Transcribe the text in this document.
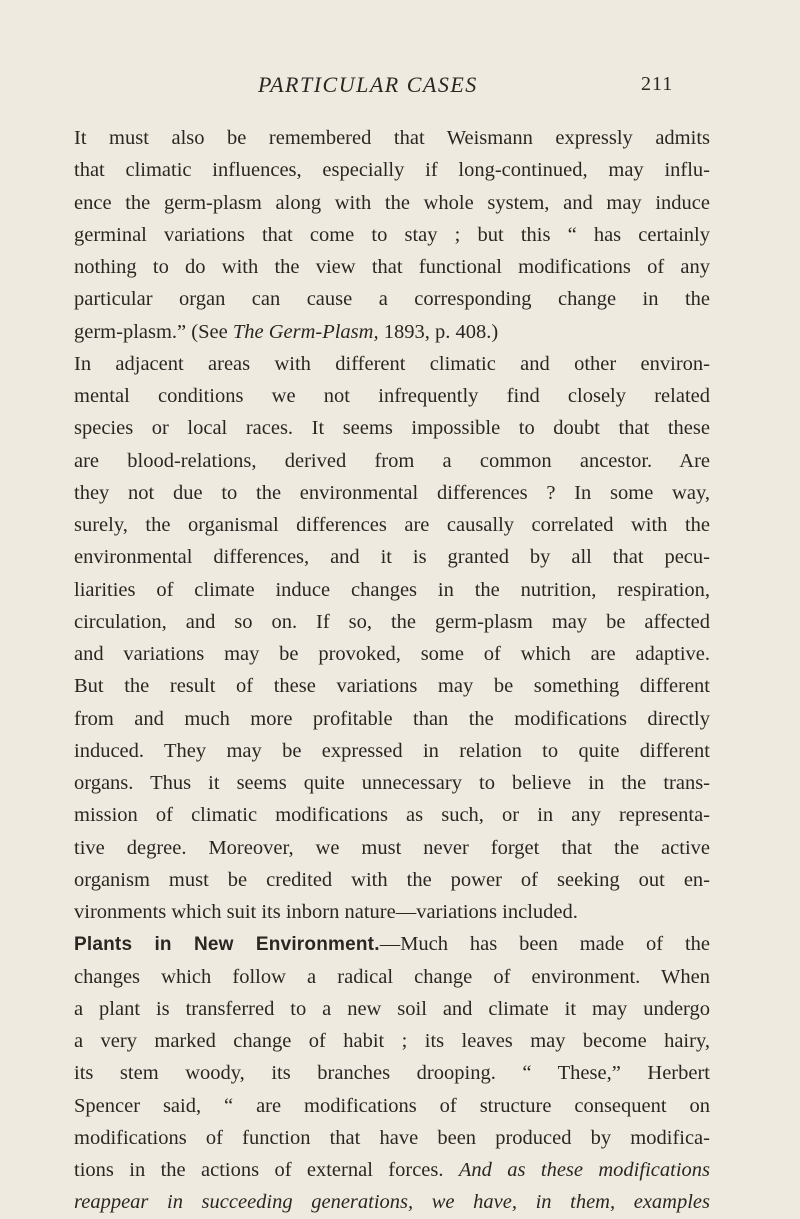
PARTICULAR CASES	211
It must also be remembered that Weismann expressly admits
that climatic influences, especially if long-continued, may influ-
ence the germ-plasm along with the whole system, and may induce
germinal variations that come to stay ; but this “ has certainly
nothing to do with the view that functional modifications of any
particular organ can cause a corresponding change in the
germ-plasm.” (See The Germ-Plasm, 1893, p. 408.)
In adjacent areas with different climatic and other environ-
mental conditions we not infrequently find closely related
species or local races. It seems impossible to doubt that these
are blood-relations, derived from a common ancestor. Are
they not due to the environmental differences ? In some way,
surely, the organismal differences are causally correlated with the
environmental differences, and it is granted by all that pecu-
liarities of climate induce changes in the nutrition, respiration,
circulation, and so on. If so, the germ-plasm may be affected
and variations may be provoked, some of which are adaptive.
But the result of these variations may be something different
from and much more profitable than the modifications directly
induced. They may be expressed in relation to quite different
organs. Thus it seems quite unnecessary to believe in the trans-
mission of climatic modifications as such, or in any representa-
tive degree. Moreover, we must never forget that the active
organism must be credited with the power of seeking out en-
vironments which suit its inborn nature—variations included.
Plants in New Environment.—Much has been made of the
changes which follow a radical change of environment. When
a plant is transferred to a new soil and climate it may undergo
a very marked change of habit ; its leaves may become hairy,
its stem woody, its branches drooping. “ These,” Herbert
Spencer said, “ are modifications of structure consequent on
modifications of function that have been produced by modifica-
tions in the actions of external forces. And as these modifications
reappear in succeeding generations, we have, in them, examples
